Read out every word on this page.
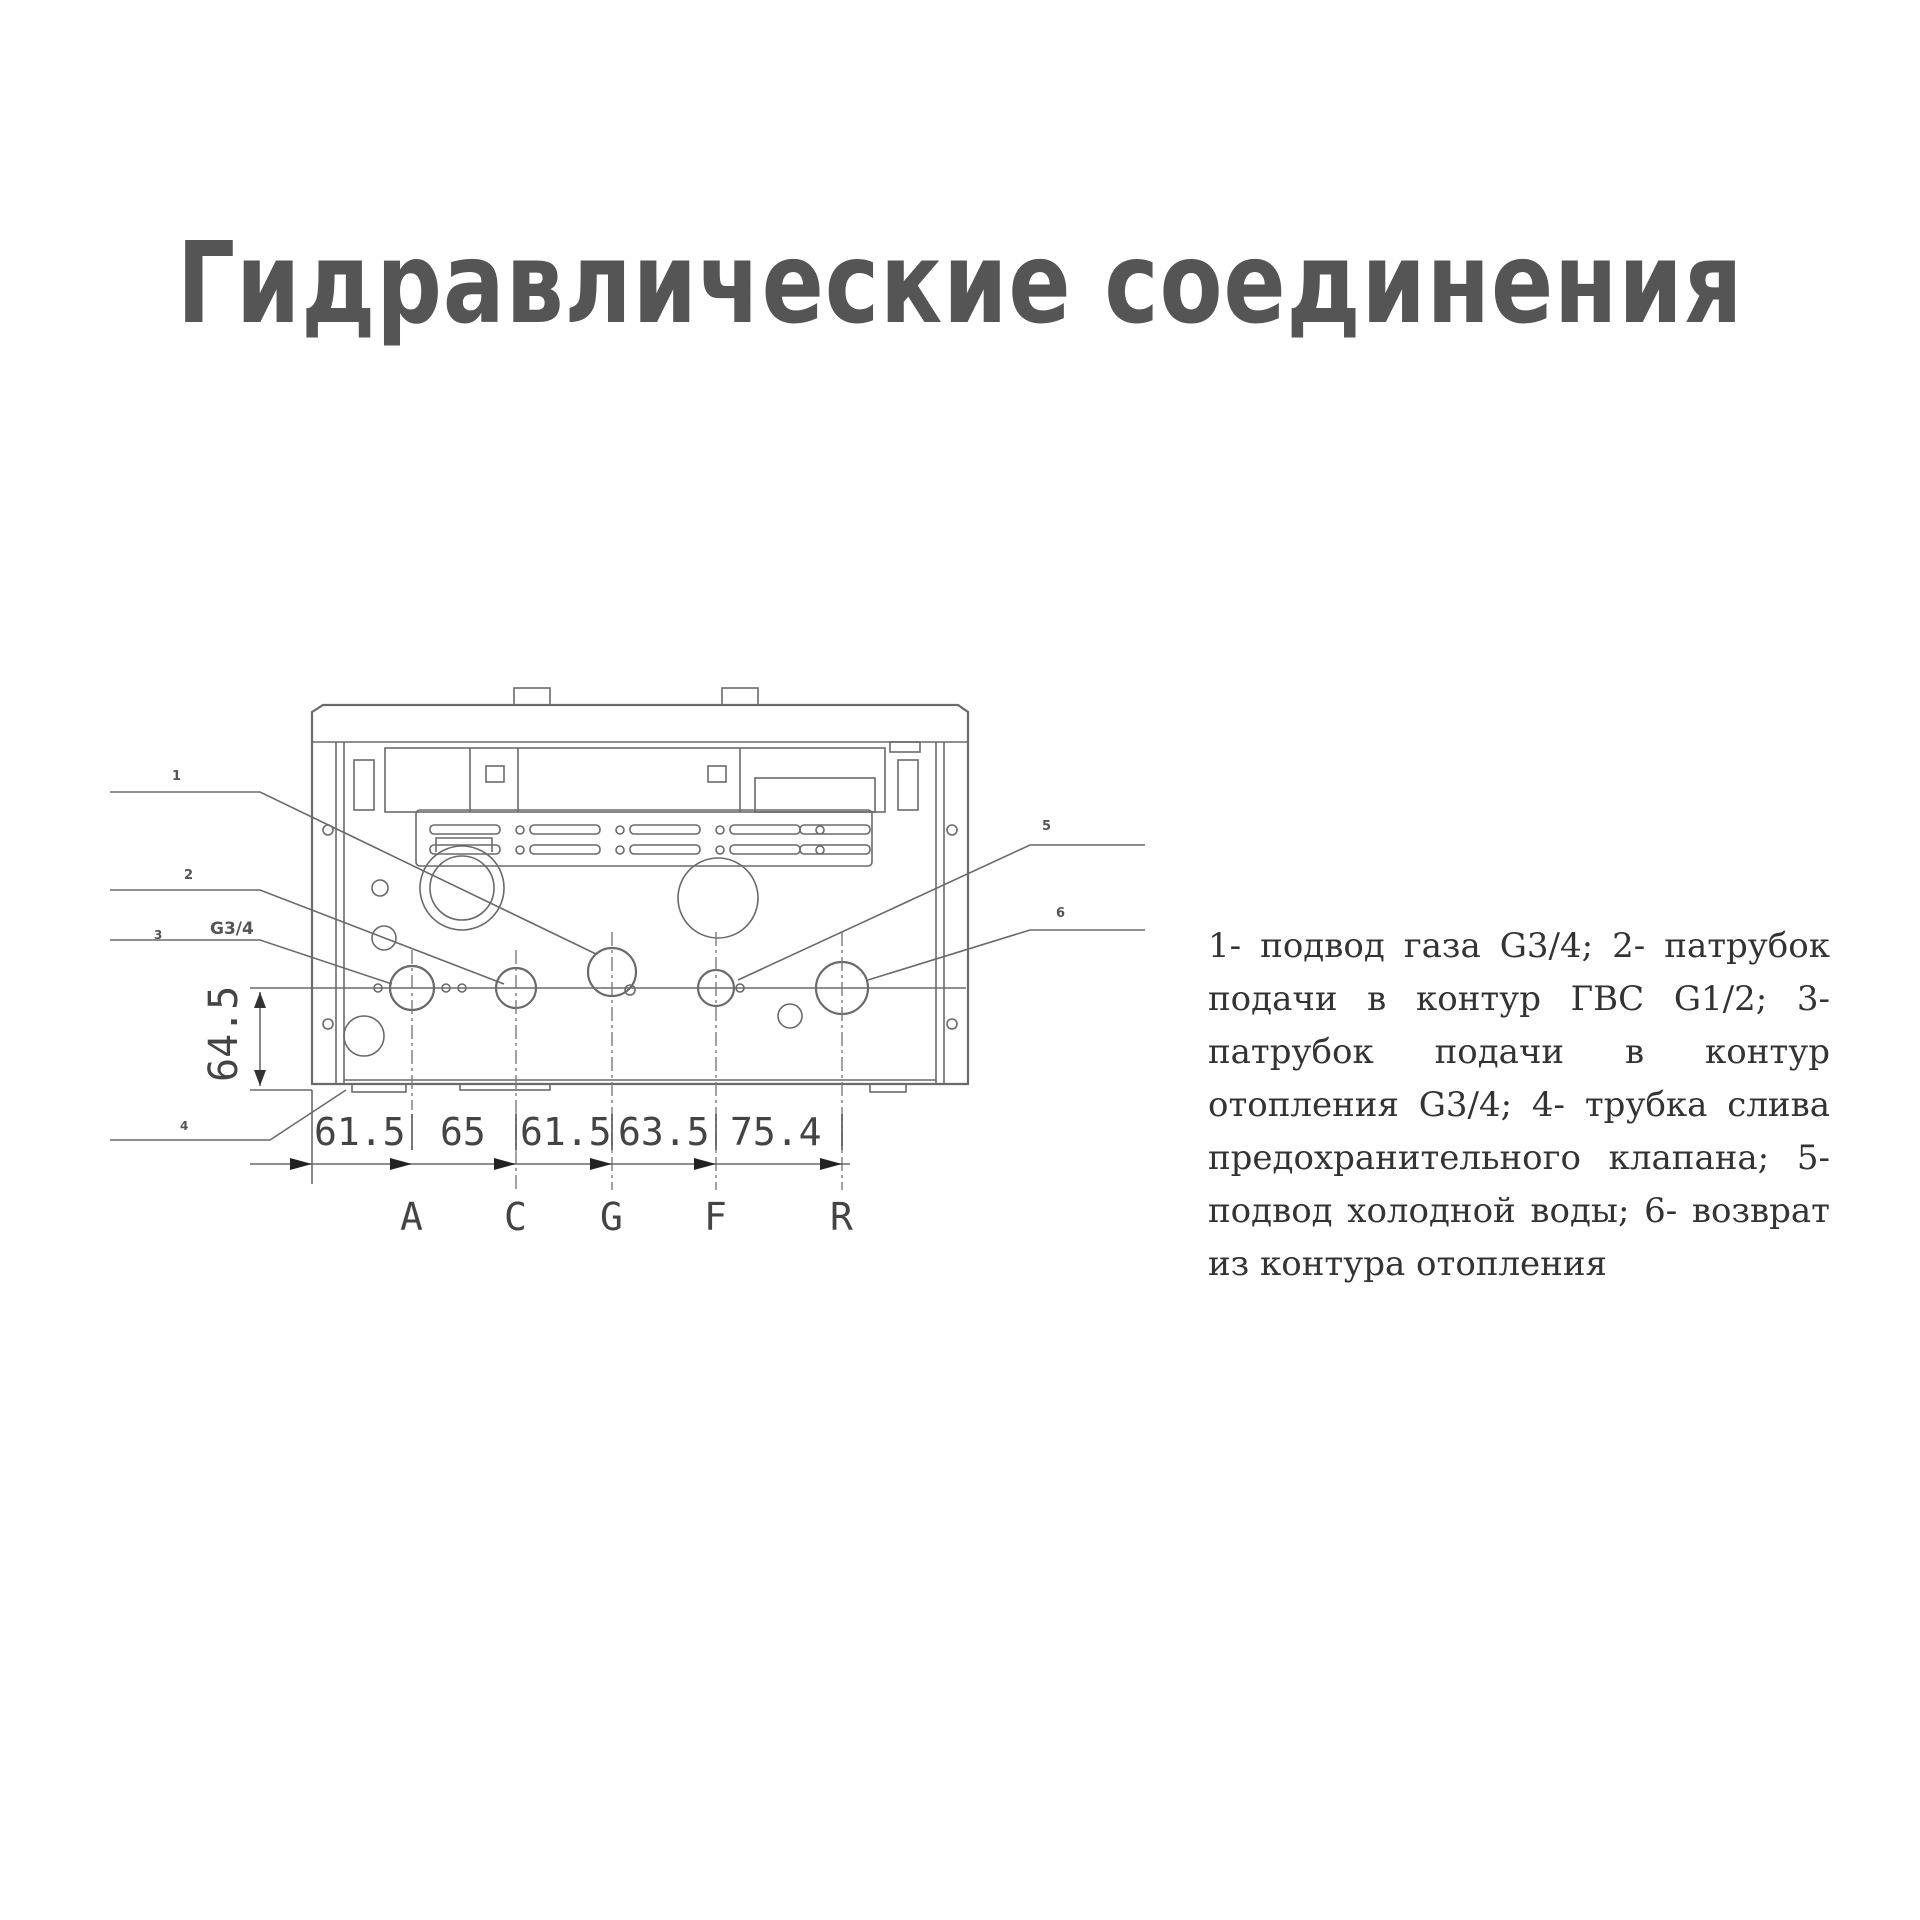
Гидравлические соединения
1
2
3	G3/4
4
5
6
64.5
61.5 65 61.5 63.5 75.4
A C G F	R
1- подвод газа G3/4; 2- патрубок подачи в контур ГВС G1/2; 3- патрубок подачи в контур отопления G3/4; 4- трубка слива предохранительного клапана; 5- подвод холодной воды; 6- возврат из контура отопления
